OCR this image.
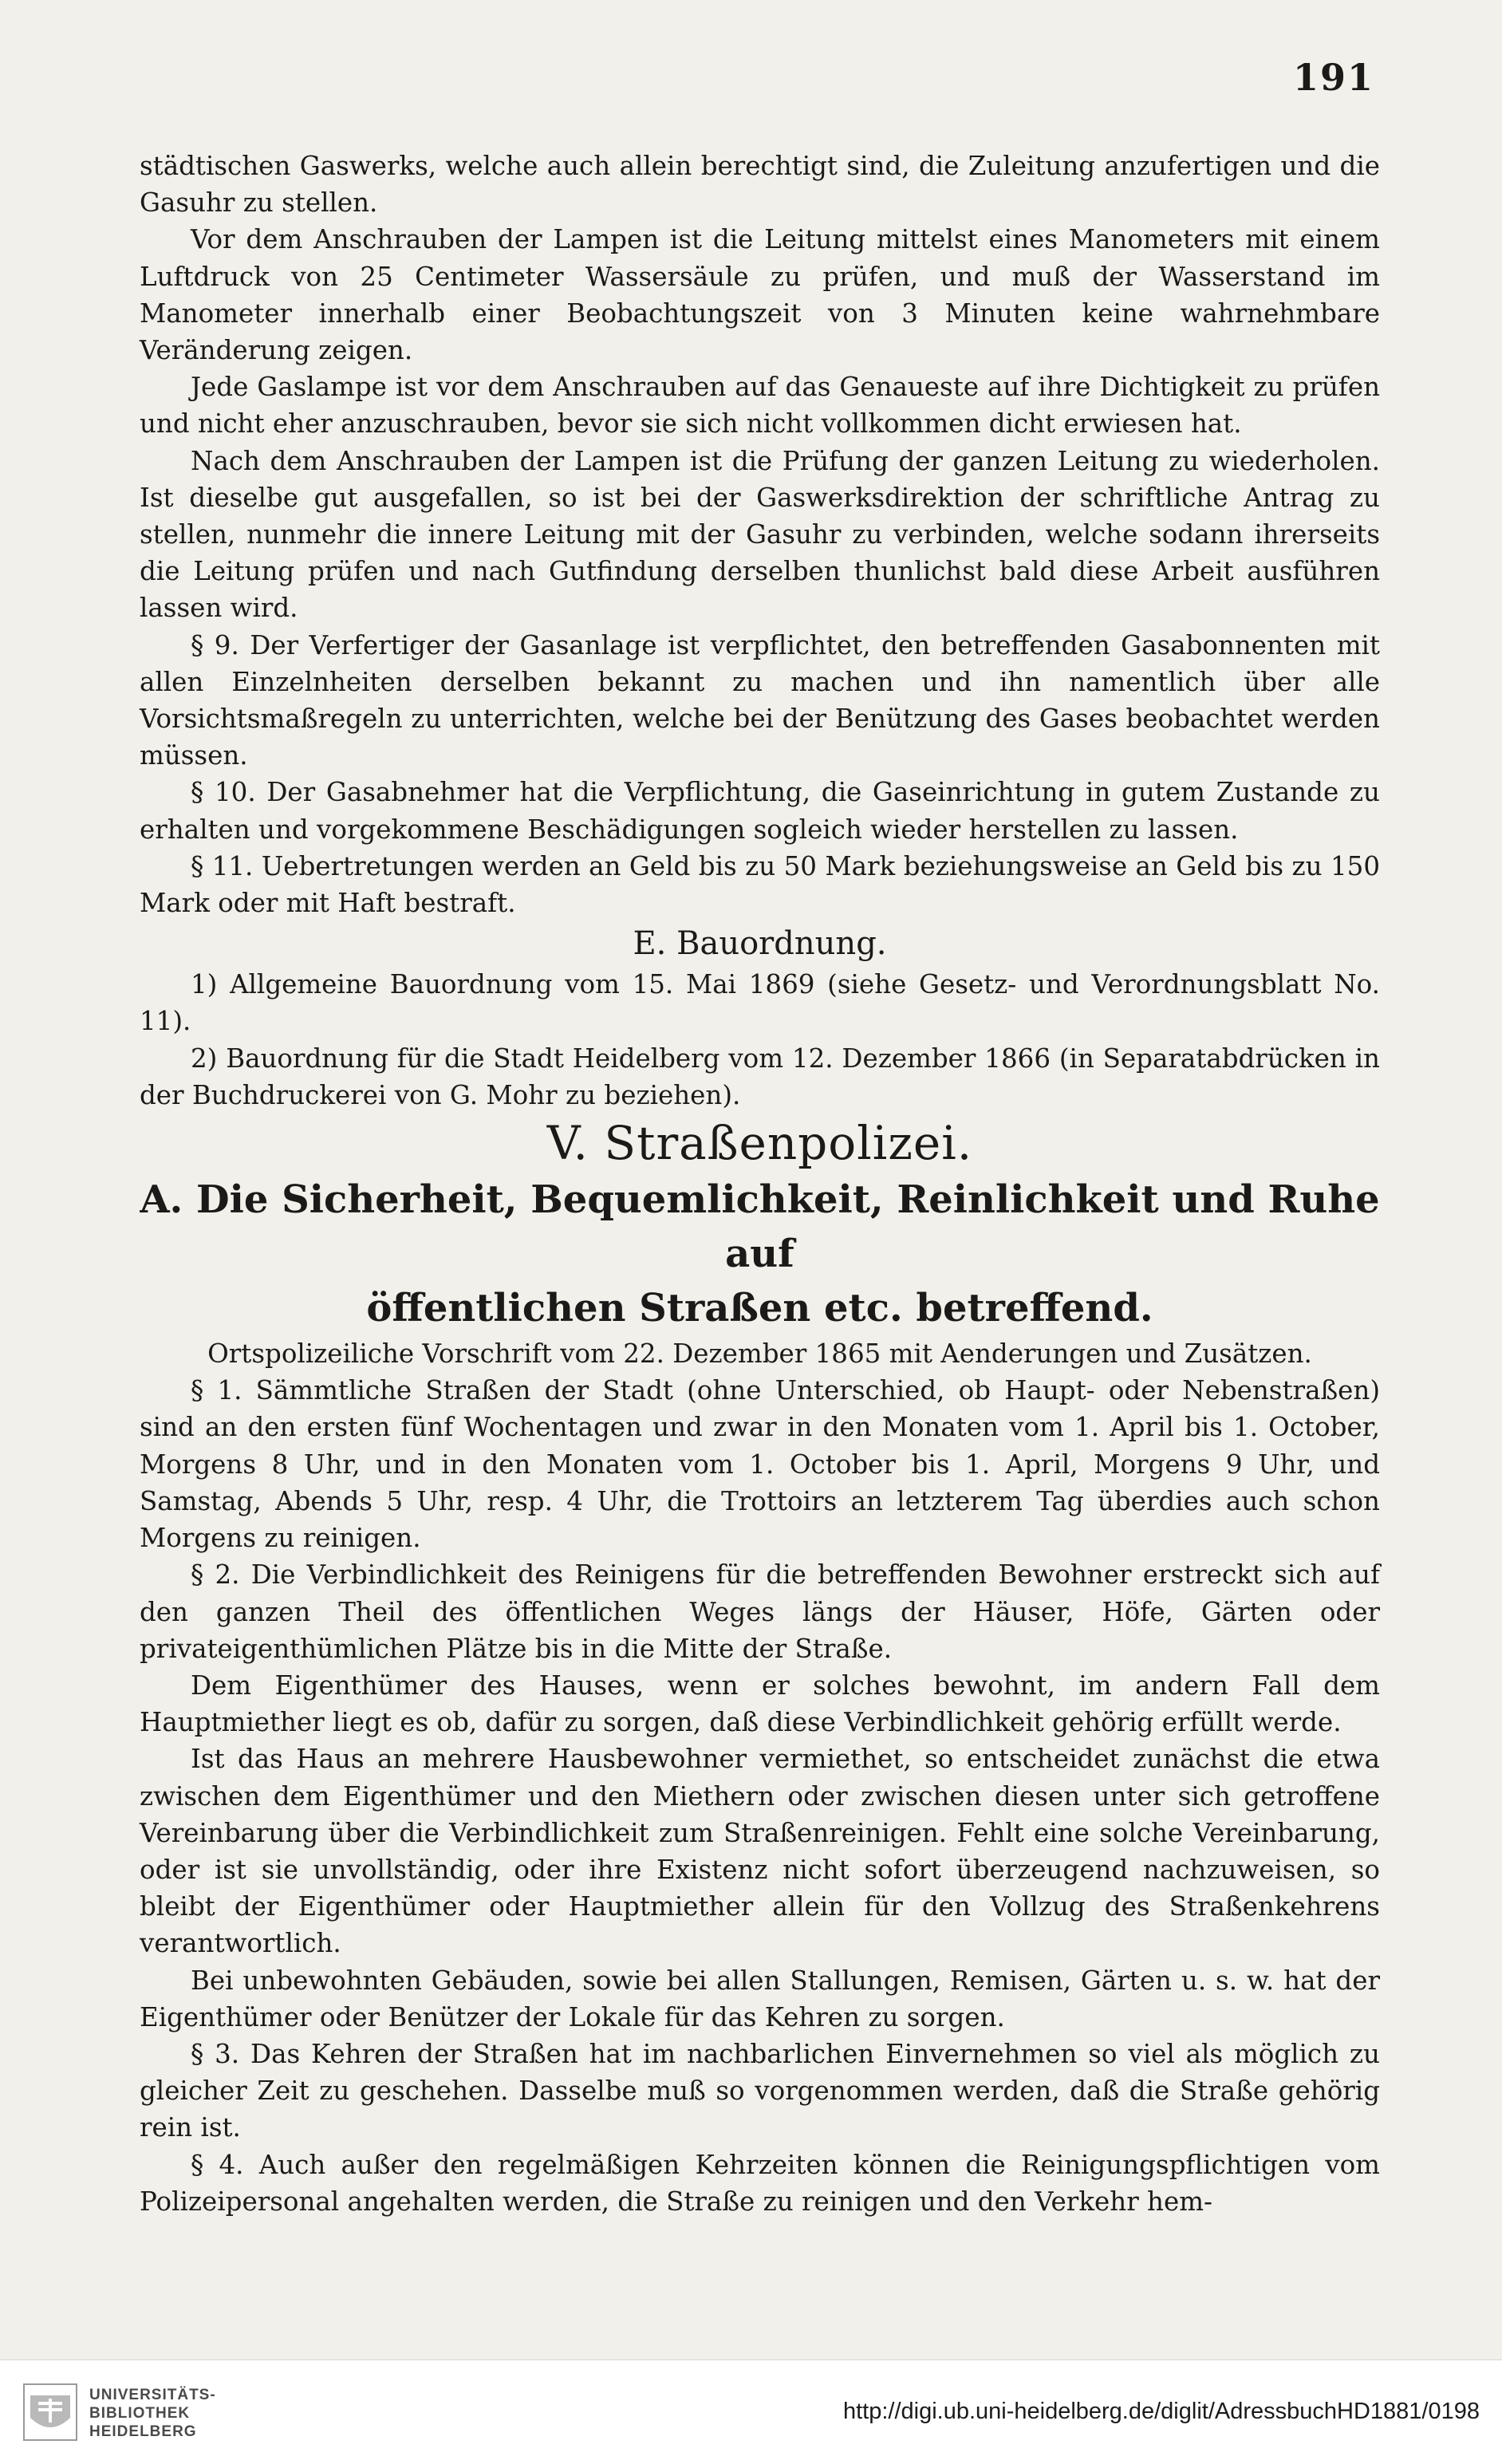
191

städtischen Gaswerks, welche auch allein berechtigt sind, die Zuleitung anzufertigen und die Gasuhr zu stellen.

Vor dem Anschrauben der Lampen ist die Leitung mittelst eines Manometers mit einem Luftdruck von 25 Centimeter Wassersäule zu prüfen, und muß der Wasserstand im Manometer innerhalb einer Beobachtungszeit von 3 Minuten keine wahrnehmbare Veränderung zeigen.

Jede Gaslampe ist vor dem Anschrauben auf das Genaueste auf ihre Dichtigkeit zu prüfen und nicht eher anzuschrauben, bevor sie sich nicht vollkommen dicht erwiesen hat.

Nach dem Anschrauben der Lampen ist die Prüfung der ganzen Leitung zu wiederholen. Ist dieselbe gut ausgefallen, so ist bei der Gaswerksdirektion der schriftliche Antrag zu stellen, nunmehr die innere Leitung mit der Gasuhr zu verbinden, welche sodann ihrerseits die Leitung prüfen und nach Gutfindung derselben thunlichst bald diese Arbeit ausführen lassen wird.

§ 9. Der Verfertiger der Gasanlage ist verpflichtet, den betreffenden Gasabonnenten mit allen Einzelnheiten derselben bekannt zu machen und ihn namentlich über alle Vorsichtsmaßregeln zu unterrichten, welche bei der Benützung des Gases beobachtet werden müssen.

§ 10. Der Gasabnehmer hat die Verpflichtung, die Gaseinrichtung in gutem Zustande zu erhalten und vorgekommene Beschädigungen sogleich wieder herstellen zu lassen.

§ 11. Uebertretungen werden an Geld bis zu 50 Mark beziehungsweise an Geld bis zu 150 Mark oder mit Haft bestraft.

E. Bauordnung.

1) Allgemeine Bauordnung vom 15. Mai 1869 (siehe Gesetz- und Verordnungsblatt No. 11).

2) Bauordnung für die Stadt Heidelberg vom 12. Dezember 1866 (in Separatabdrücken in der Buchdruckerei von G. Mohr zu beziehen).

V. Straßenpolizei.

A. Die Sicherheit, Bequemlichkeit, Reinlichkeit und Ruhe auf

öffentlichen Straßen etc. betreffend.

Ortspolizeiliche Vorschrift vom 22. Dezember 1865 mit Aenderungen und Zusätzen.

§ 1. Sämmtliche Straßen der Stadt (ohne Unterschied, ob Haupt- oder Nebenstraßen) sind an den ersten fünf Wochentagen und zwar in den Monaten vom 1. April bis 1. October, Morgens 8 Uhr, und in den Monaten vom 1. October bis 1. April, Morgens 9 Uhr, und Samstag, Abends 5 Uhr, resp. 4 Uhr, die Trottoirs an letzterem Tag überdies auch schon Morgens zu reinigen.

§ 2. Die Verbindlichkeit des Reinigens für die betreffenden Bewohner erstreckt sich auf den ganzen Theil des öffentlichen Weges längs der Häuser, Höfe, Gärten oder privateigenthümlichen Plätze bis in die Mitte der Straße.

Dem Eigenthümer des Hauses, wenn er solches bewohnt, im andern Fall dem Hauptmiether liegt es ob, dafür zu sorgen, daß diese Verbindlichkeit gehörig erfüllt werde.

Ist das Haus an mehrere Hausbewohner vermiethet, so entscheidet zunächst die etwa zwischen dem Eigenthümer und den Miethern oder zwischen diesen unter sich getroffene Vereinbarung über die Verbindlichkeit zum Straßenreinigen. Fehlt eine solche Vereinbarung, oder ist sie unvollständig, oder ihre Existenz nicht sofort überzeugend nachzuweisen, so bleibt der Eigenthümer oder Hauptmiether allein für den Vollzug des Straßenkehrens verantwortlich.

Bei unbewohnten Gebäuden, sowie bei allen Stallungen, Remisen, Gärten u. s. w. hat der Eigenthümer oder Benützer der Lokale für das Kehren zu sorgen.

§ 3. Das Kehren der Straßen hat im nachbarlichen Einvernehmen so viel als möglich zu gleicher Zeit zu geschehen. Dasselbe muß so vorgenommen werden, daß die Straße gehörig rein ist.

§ 4. Auch außer den regelmäßigen Kehrzeiten können die Reinigungspflichtigen vom Polizeipersonal angehalten werden, die Straße zu reinigen und den Verkehr hem-

UNIVERSITÄTS-
BIBLIOTHEK
HEIDELBERG
http://digi.ub.uni-heidelberg.de/diglit/AdressbuchHD1881/0198
